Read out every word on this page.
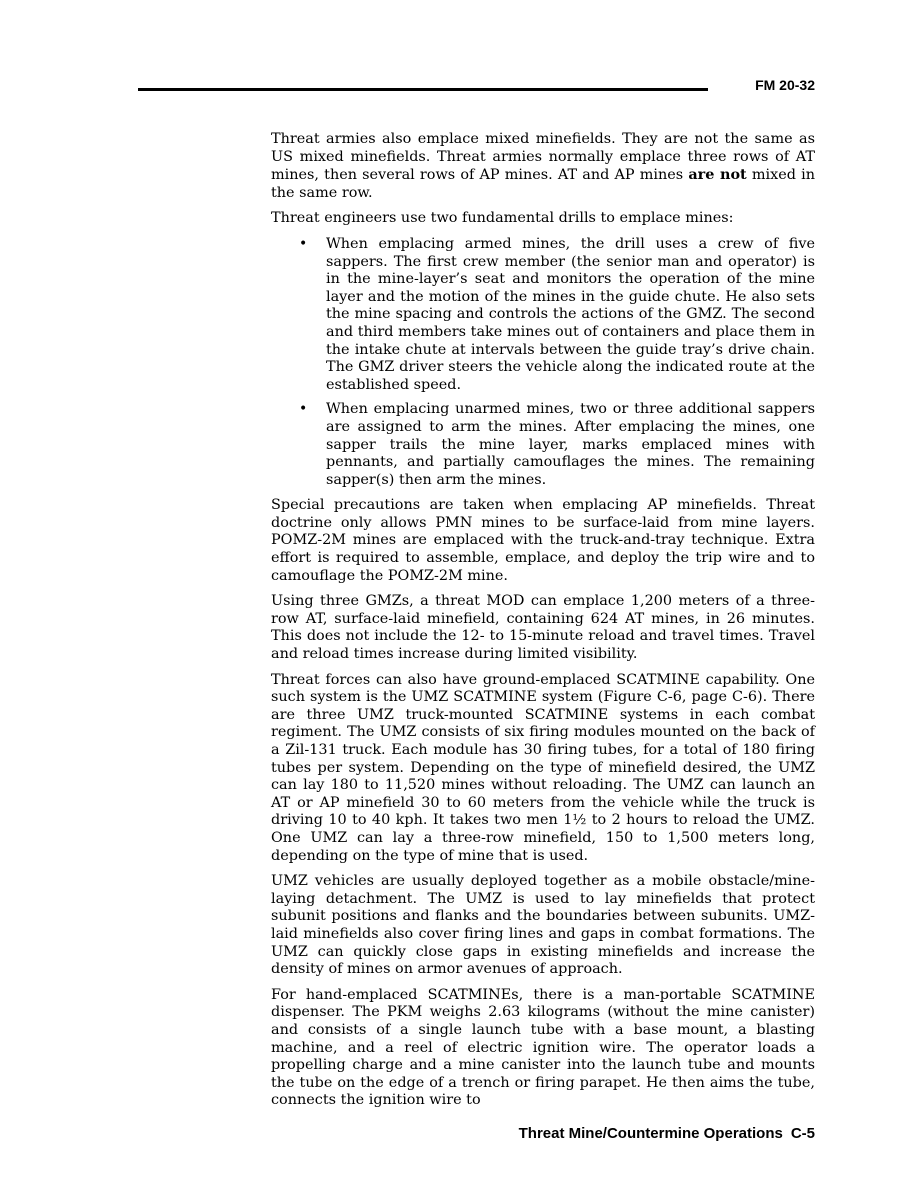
FM 20-32

Threat armies also emplace mixed minefields. They are not the same as US mixed minefields. Threat armies normally emplace three rows of AT mines, then several rows of AP mines. AT and AP mines are not mixed in the same row.

Threat engineers use two fundamental drills to emplace mines:

• When emplacing armed mines, the drill uses a crew of five sappers. The first crew member (the senior man and operator) is in the mine-layer’s seat and monitors the operation of the mine layer and the motion of the mines in the guide chute. He also sets the mine spacing and controls the actions of the GMZ. The second and third members take mines out of containers and place them in the intake chute at intervals between the guide tray’s drive chain. The GMZ driver steers the vehicle along the indicated route at the established speed.
• When emplacing unarmed mines, two or three additional sappers are assigned to arm the mines. After emplacing the mines, one sapper trails the mine layer, marks emplaced mines with pennants, and partially camouflages the mines. The remaining sapper(s) then arm the mines.

Special precautions are taken when emplacing AP minefields. Threat doctrine only allows PMN mines to be surface-laid from mine layers. POMZ-2M mines are emplaced with the truck-and-tray technique. Extra effort is required to assemble, emplace, and deploy the trip wire and to camouflage the POMZ-2M mine.

Using three GMZs, a threat MOD can emplace 1,200 meters of a three-row AT, surface-laid minefield, containing 624 AT mines, in 26 minutes. This does not include the 12- to 15-minute reload and travel times. Travel and reload times increase during limited visibility.

Threat forces can also have ground-emplaced SCATMINE capability. One such system is the UMZ SCATMINE system (Figure C-6, page C-6). There are three UMZ truck-mounted SCATMINE systems in each combat regiment. The UMZ consists of six firing modules mounted on the back of a Zil-131 truck. Each module has 30 firing tubes, for a total of 180 firing tubes per system. Depending on the type of minefield desired, the UMZ can lay 180 to 11,520 mines without reloading. The UMZ can launch an AT or AP minefield 30 to 60 meters from the vehicle while the truck is driving 10 to 40 kph. It takes two men 1½ to 2 hours to reload the UMZ. One UMZ can lay a three-row minefield, 150 to 1,500 meters long, depending on the type of mine that is used.

UMZ vehicles are usually deployed together as a mobile obstacle/mine-laying detachment. The UMZ is used to lay minefields that protect subunit positions and flanks and the boundaries between subunits. UMZ-laid minefields also cover firing lines and gaps in combat formations. The UMZ can quickly close gaps in existing minefields and increase the density of mines on armor avenues of approach.

For hand-emplaced SCATMINEs, there is a man-portable SCATMINE dispenser. The PKM weighs 2.63 kilograms (without the mine canister) and consists of a single launch tube with a base mount, a blasting machine, and a reel of electric ignition wire. The operator loads a propelling charge and a mine canister into the launch tube and mounts the tube on the edge of a trench or firing parapet. He then aims the tube, connects the ignition wire to

Threat Mine/Countermine Operations C-5
